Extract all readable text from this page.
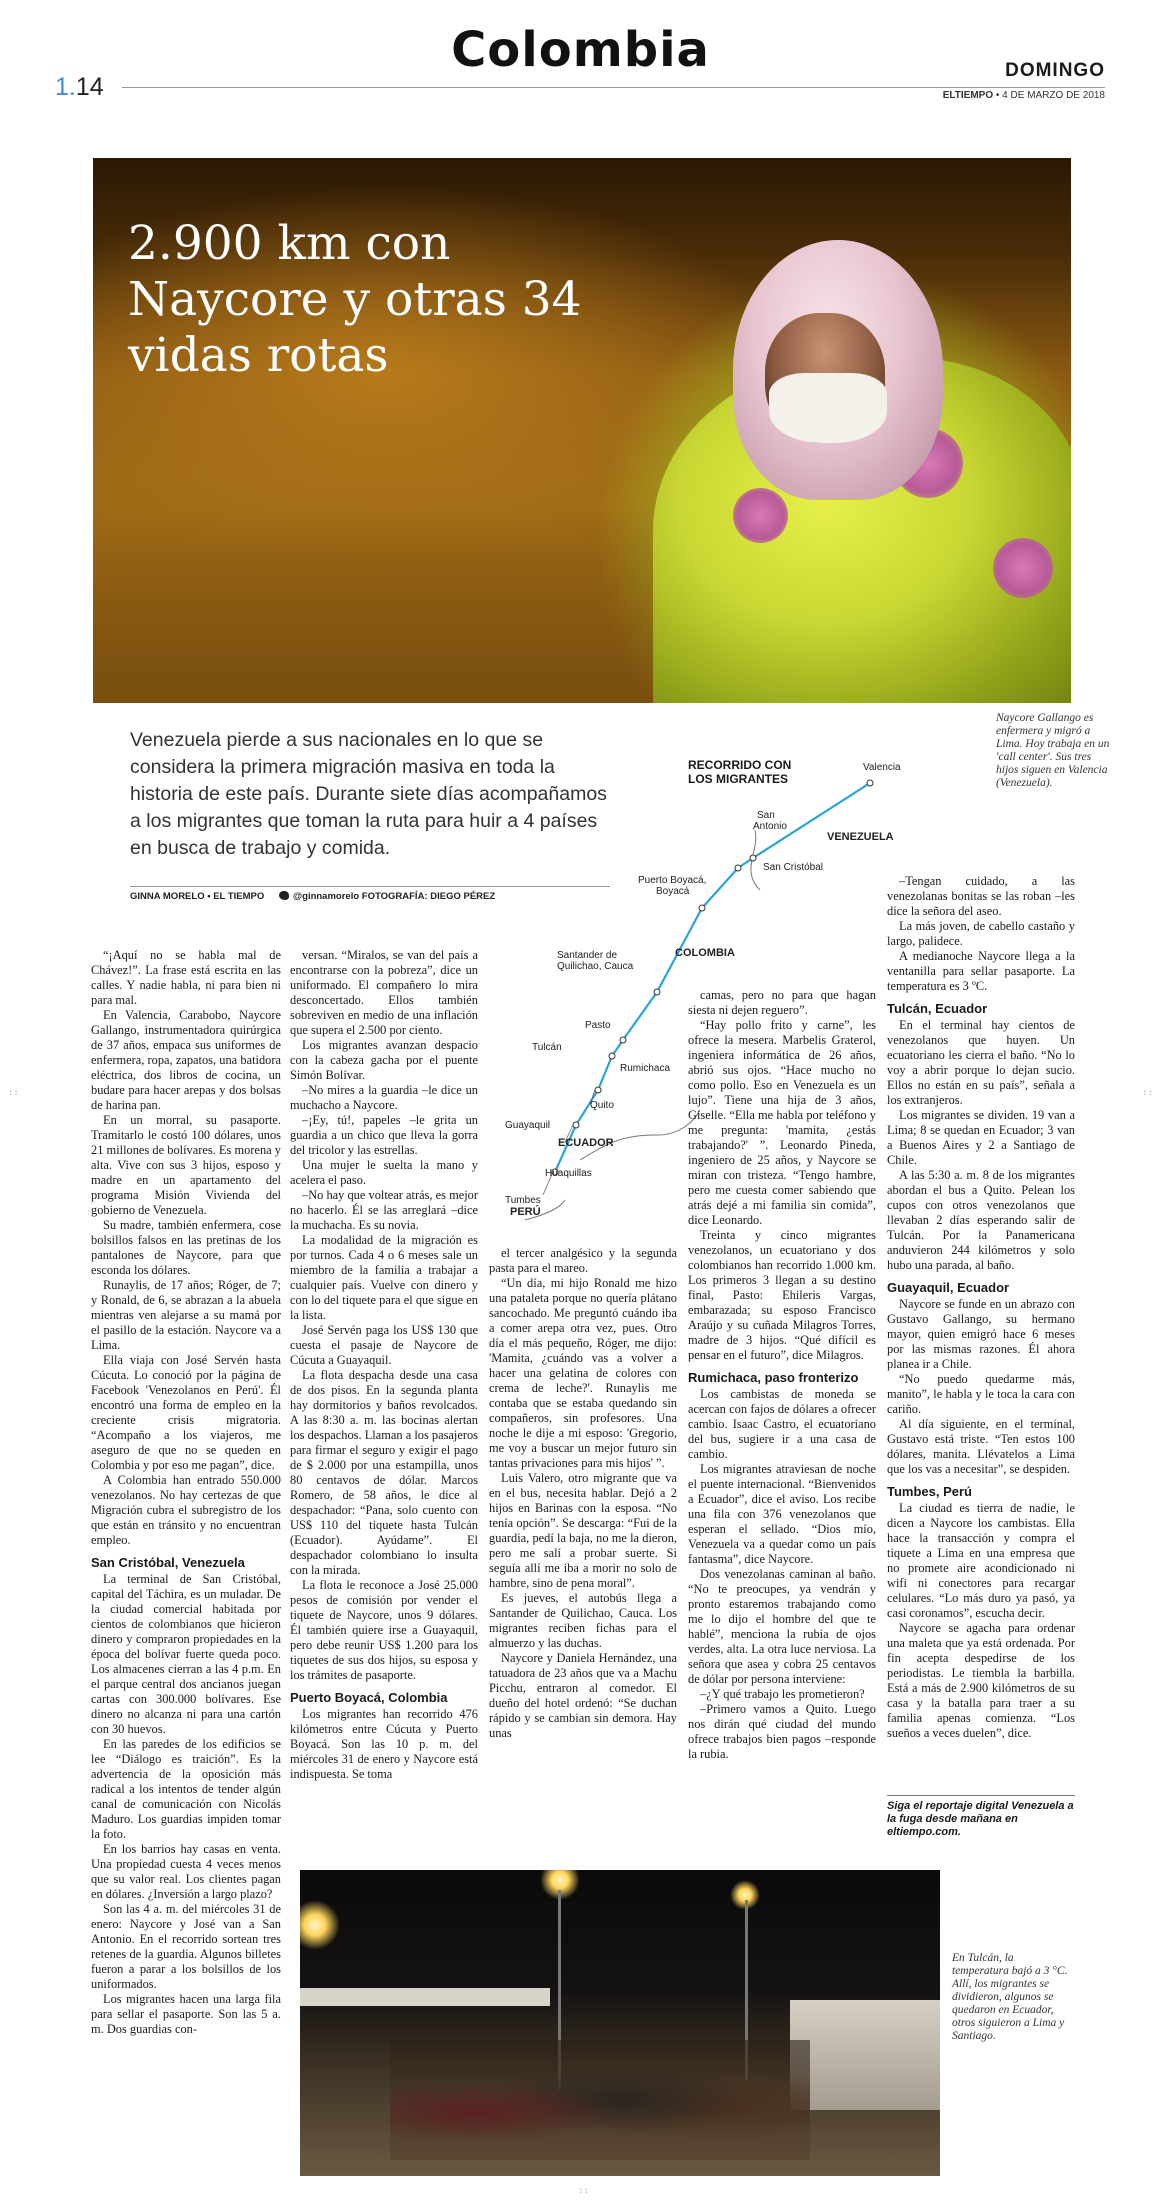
1.14
Colombia	DOMINGO
ELTIEMPO • 4 DE MARZO DE 2018
2.900 km con Naycore y otras 34 vidas rotas
Naycore Gallango es enfermera y migró a Lima. Hoy trabaja en un 'call center'. Sus tres hijos siguen en Valencia (Venezuela).
Venezuela pierde a sus nacionales en lo que se considera la primera migración masiva en toda la historia de este país. Durante siete días acompañamos a los migrantes que toman la ruta para huir a 4 países en busca de trabajo y comida.
GINNA MORELO • EL TIEMPO	@ginnamorelo FOTOGRAFÍA: DIEGO PÉREZ
RECORRIDO CON
LOS MIGRANTES
Valencia
San
Antonio
San Cristóbal
VENEZUELA
Puerto Boyacá,
Boyacá
COLOMBIA
Santander de
Quilichao, Cauca
Pasto
Tulcán
Rumichaca
Quito
Guayaquil
ECUADOR
Huaquillas
Tumbes
PERÚ

“¡Aquí no se habla mal de Chávez!”. La frase está escrita en las calles. Y nadie habla, ni para bien ni para mal.

En Valencia, Carabobo, Naycore Gallango, instrumentadora quirúrgica de 37 años, empaca sus uniformes de enfermera, ropa, zapatos, una batidora eléctrica, dos libros de cocina, un budare para hacer arepas y dos bolsas de harina pan.

En un morral, su pasaporte. Tramitarlo le costó 100 dólares, unos 21 millones de bolívares. Es morena y alta. Vive con sus 3 hijos, esposo y madre en un apartamento del programa Misión Vivienda del gobierno de Venezuela.

Su madre, también enfermera, cose bolsillos falsos en las pretinas de los pantalones de Naycore, para que esconda los dólares.

Runaylis, de 17 años; Róger, de 7; y Ronald, de 6, se abrazan a la abuela mientras ven alejarse a su mamá por el pasillo de la estación. Naycore va a Lima.

Ella viaja con José Servén hasta Cúcuta. Lo conoció por la página de Facebook 'Venezolanos en Perú'. Él encontró una forma de empleo en la creciente crisis migratoria. “Acompaño a los viajeros, me aseguro de que no se queden en Colombia y por eso me pagan”, dice.

A Colombia han entrado 550.000 venezolanos. No hay certezas de que Migración cubra el subregistro de los que están en tránsito y no encuentran empleo.

San Cristóbal, Venezuela

La terminal de San Cristóbal, capital del Táchira, es un muladar. De la ciudad comercial habitada por cientos de colombianos que hicieron dinero y compraron propiedades en la época del bolívar fuerte queda poco. Los almacenes cierran a las 4 p.m. En el parque central dos ancianos juegan cartas con 300.000 bolívares. Ese dinero no alcanza ni para una cartón con 30 huevos.

En las paredes de los edificios se lee “Diálogo es traición”. Es la advertencia de la oposición más radical a los intentos de tender algún canal de comunicación con Nicolás Maduro. Los guardias impiden tomar la foto.

En los barrios hay casas en venta. Una propiedad cuesta 4 veces menos que su valor real. Los clientes pagan en dólares. ¿Inversión a largo plazo?

Son las 4 a. m. del miércoles 31 de enero: Naycore y José van a San Antonio. En el recorrido sortean tres retenes de la guardia. Algunos billetes fueron a parar a los bolsillos de los uniformados.

Los migrantes hacen una larga fila para sellar el pasaporte. Son las 5 a. m. Dos guardias con-

versan. “Miralos, se van del país a encontrarse con la pobreza”, dice un uniformado. El compañero lo mira desconcertado. Ellos también sobreviven en medio de una inflación que supera el 2.500 por ciento.

Los migrantes avanzan despacio con la cabeza gacha por el puente Simón Bolívar.

–No mires a la guardia –le dice un muchacho a Naycore.

–¡Ey, tú!, papeles –le grita un guardia a un chico que lleva la gorra del tricolor y las estrellas.

Una mujer le suelta la mano y acelera el paso.

–No hay que voltear atrás, es mejor no hacerlo. Él se las arreglará –dice la muchacha. Es su novia.

La modalidad de la migración es por turnos. Cada 4 o 6 meses sale un miembro de la familia a trabajar a cualquier país. Vuelve con dinero y con lo del tiquete para el que sigue en la lista.

José Servén paga los US$ 130 que cuesta el pasaje de Naycore de Cúcuta a Guayaquil.

La flota despacha desde una casa de dos pisos. En la segunda planta hay dormitorios y baños revolcados. A las 8:30 a. m. las bocinas alertan los despachos. Llaman a los pasajeros para firmar el seguro y exigir el pago de $ 2.000 por una estampilla, unos 80 centavos de dólar. Marcos Romero, de 58 años, le dice al despachador: “Pana, solo cuento con US$ 110 del tiquete hasta Tulcán (Ecuador). Ayúdame”. El despachador colombiano lo insulta con la mirada.

La flota le reconoce a José 25.000 pesos de comisión por vender el tiquete de Naycore, unos 9 dólares. Él también quiere irse a Guayaquil, pero debe reunir US$ 1.200 para los tiquetes de sus dos hijos, su esposa y los trámites de pasaporte.

Puerto Boyacá, Colombia

Los migrantes han recorrido 476 kilómetros entre Cúcuta y Puerto Boyacá. Son las 10 p. m. del miércoles 31 de enero y Naycore está indispuesta. Se toma

el tercer analgésico y la segunda pasta para el mareo.

“Un día, mi hijo Ronald me hizo una pataleta porque no quería plátano sancochado. Me preguntó cuándo iba a comer arepa otra vez, pues. Otro día el más pequeño, Róger, me dijo: 'Mamita, ¿cuándo vas a volver a hacer una gelatina de colores con crema de leche?'. Runaylis me contaba que se estaba quedando sin compañeros, sin profesores. Una noche le dije a mi esposo: 'Gregorio, me voy a buscar un mejor futuro sin tantas privaciones para mis hijos' ”.

Luis Valero, otro migrante que va en el bus, necesita hablar. Dejó a 2 hijos en Barinas con la esposa. “No tenía opción”. Se descarga: “Fui de la guardia, pedí la baja, no me la dieron, pero me salí a probar suerte. Si seguía allí me iba a morir no solo de hambre, sino de pena moral”.

Es jueves, el autobús llega a Santander de Quilichao, Cauca. Los migrantes reciben fichas para el almuerzo y las duchas.

Naycore y Daniela Hernández, una tatuadora de 23 años que va a Machu Picchu, entraron al comedor. El dueño del hotel ordenó: “Se duchan rápido y se cambian sin demora. Hay unas

camas, pero no para que hagan siesta ni dejen reguero”.

“Hay pollo frito y carne”, les ofrece la mesera. Marbelis Graterol, ingeniera informática de 26 años, abrió sus ojos. “Hace mucho no como pollo. Eso en Venezuela es un lujo”. Tiene una hija de 3 años, Giselle. “Ella me habla por teléfono y me pregunta: 'mamita, ¿estás trabajando?' ”. Leonardo Pineda, ingeniero de 25 años, y Naycore se miran con tristeza. “Tengo hambre, pero me cuesta comer sabiendo que atrás dejé a mi familia sin comida”, dice Leonardo.

Treinta y cinco migrantes venezolanos, un ecuatoriano y dos colombianos han recorrido 1.000 km. Los primeros 3 llegan a su destino final, Pasto: Ehileris Vargas, embarazada; su esposo Francisco Araújo y su cuñada Milagros Torres, madre de 3 hijos. “Qué difícil es pensar en el futuro”, dice Milagros.

Rumichaca, paso fronterizo

Los cambistas de moneda se acercan con fajos de dólares a ofrecer cambio. Isaac Castro, el ecuatoriano del bus, sugiere ir a una casa de cambio.

Los migrantes atraviesan de noche el puente internacional. “Bienvenidos a Ecuador”, dice el aviso. Los recibe una fila con 376 venezolanos que esperan el sellado. “Dios mío, Venezuela va a quedar como un país fantasma”, dice Naycore.

Dos venezolanas caminan al baño. “No te preocupes, ya vendrán y pronto estaremos trabajando como me lo dijo el hombre del que te hablé”, menciona la rubia de ojos verdes, alta. La otra luce nerviosa. La señora que asea y cobra 25 centavos de dólar por persona interviene:

–¿Y qué trabajo les prometieron?

–Primero vamos a Quito. Luego nos dirán qué ciudad del mundo ofrece trabajos bien pagos –responde la rubia.

–Tengan cuidado, a las venezolanas bonitas se las roban –les dice la señora del aseo.

La más joven, de cabello castaño y largo, palidece.

A medianoche Naycore llega a la ventanilla para sellar pasaporte. La temperatura es 3 ºC.

Tulcán, Ecuador

En el terminal hay cientos de venezolanos que huyen. Un ecuatoriano les cierra el baño. “No lo voy a abrir porque lo dejan sucio. Ellos no están en su país”, señala a los extranjeros.

Los migrantes se dividen. 19 van a Lima; 8 se quedan en Ecuador; 3 van a Buenos Aires y 2 a Santiago de Chile.

A las 5:30 a. m. 8 de los migrantes abordan el bus a Quito. Pelean los cupos con otros venezolanos que llevaban 2 días esperando salir de Tulcán. Por la Panamericana anduvieron 244 kilómetros y solo hubo una parada, al baño.

Guayaquil, Ecuador

Naycore se funde en un abrazo con Gustavo Gallango, su hermano mayor, quien emigró hace 6 meses por las mismas razones. Él ahora planea ir a Chile.

“No puedo quedarme más, manito”, le habla y le toca la cara con cariño.

Al día siguiente, en el terminal, Gustavo está triste. “Ten estos 100 dólares, manita. Llévatelos a Lima que los vas a necesitar”, se despiden.

Tumbes, Perú

La ciudad es tierra de nadie, le dicen a Naycore los cambistas. Ella hace la transacción y compra el tiquete a Lima en una empresa que no promete aire acondicionado ni wifi ni conectores para recargar celulares. “Lo más duro ya pasó, ya casi coronamos”, escucha decir.

Naycore se agacha para ordenar una maleta que ya está ordenada. Por fin acepta despedirse de los periodistas. Le tiembla la barbilla. Está a más de 2.900 kilómetros de su casa y la batalla para traer a su familia apenas comienza. “Los sueños a veces duelen”, dice.

Siga el reportaje digital Venezuela a la fuga desde mañana en eltiempo.com.
En Tulcán, la temperatura bajó a 3 °C. Allí, los migrantes se dividieron, algunos se quedaron en Ecuador, otros siguieron a Lima y Santiago.
::	::
::
